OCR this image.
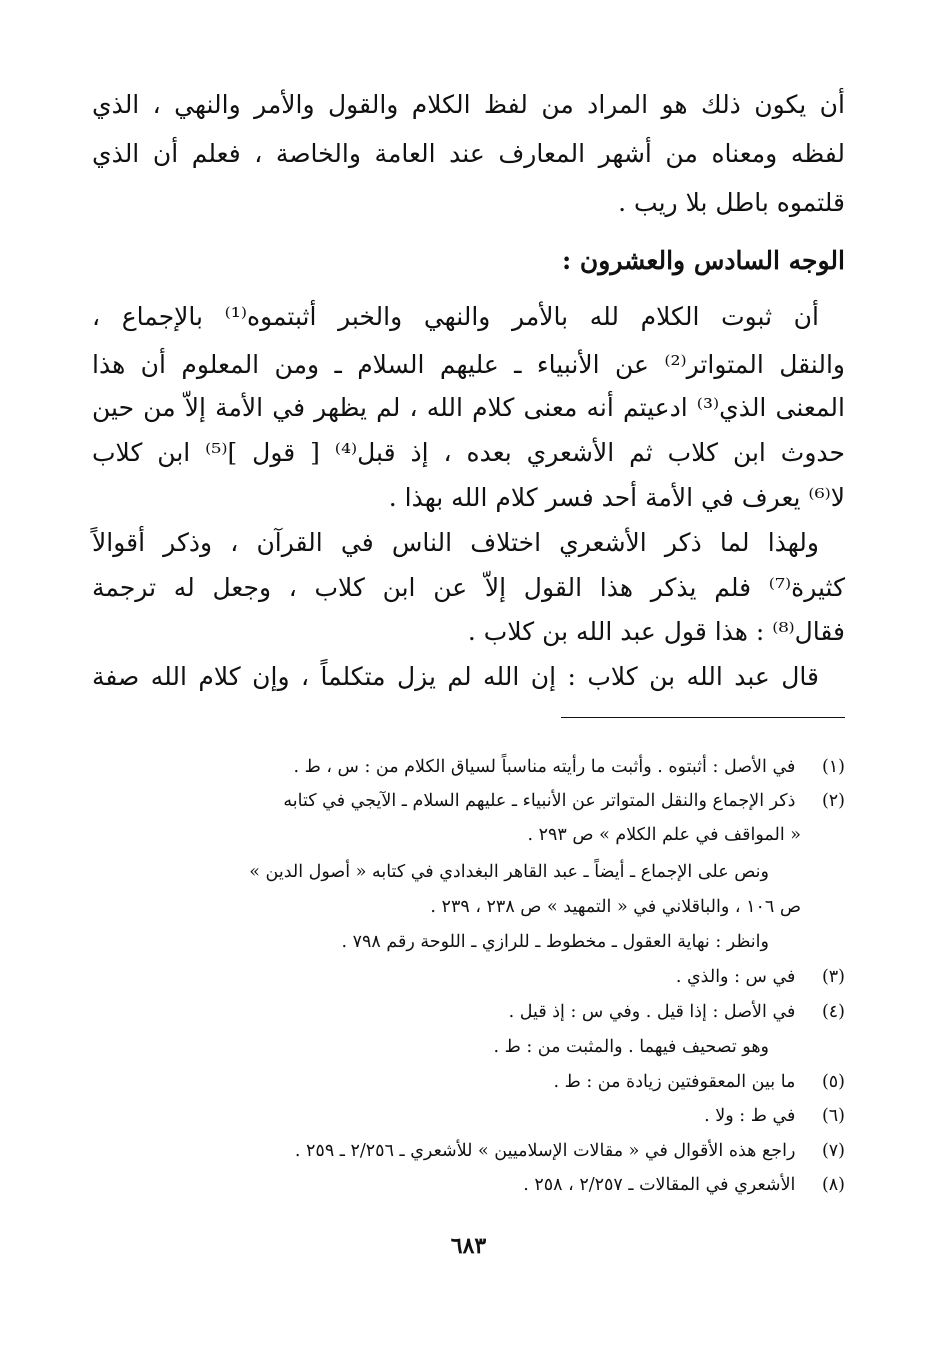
أن يكون ذلك هو المراد من لفظ الكلام والقول والأمر والنهي ، الذي
لفظه ومعناه من أشهر المعارف عند العامة والخاصة ، فعلم أن الذي
قلتموه باطل بلا ريب .
الوجه السادس والعشرون :
أن ثبوت الكلام لله بالأمر والنهي والخبر أثبتموه⁽¹⁾ بالإجماع ،
والنقل المتواتر⁽²⁾ عن الأنبياء ـ عليهم السلام ـ ومن المعلوم أن هذا
المعنى الذي⁽³⁾ ادعيتم أنه معنى كلام الله ، لم يظهر في الأمة إلاّ من حين
حدوث ابن كلاب ثم الأشعري بعده ، إذ قبل⁽⁴⁾ [ قول ]⁽⁵⁾ ابن كلاب
لا⁽⁶⁾ يعرف في الأمة أحد فسر كلام الله بهذا .
ولهذا لما ذكر الأشعري اختلاف الناس في القرآن ، وذكر أقوالاً
كثيرة⁽⁷⁾ فلم يذكر هذا القول إلاّ عن ابن كلاب ، وجعل له ترجمة
فقال⁽⁸⁾ : هذا قول عبد الله بن كلاب .
قال عبد الله بن كلاب : إن الله لم يزل متكلماً ، وإن كلام الله صفة
(١) في الأصل : أثبتوه . وأثبت ما رأيته مناسباً لسياق الكلام من : س ، ط .
(٢) ذكر الإجماع والنقل المتواتر عن الأنبياء ـ عليهم السلام ـ الآيجي في كتابه
« المواقف في علم الكلام » ص ٢٩٣ .
ونص على الإجماع ـ أيضاً ـ عبد القاهر البغدادي في كتابه « أصول الدين »
ص ١٠٦ ، والباقلاني في « التمهيد » ص ٢٣٨ ، ٢٣٩ .
وانظر : نهاية العقول ـ مخطوط ـ للرازي ـ اللوحة رقم ٧٩٨ .
(٣) في س : والذي .
(٤) في الأصل : إذا قيل . وفي س : إذ قيل .
وهو تصحيف فيهما . والمثبت من : ط .
(٥) ما بين المعقوفتين زيادة من : ط .
(٦) في ط : ولا .
(٧) راجع هذه الأقوال في « مقالات الإسلاميين » للأشعري ـ ٢/٢٥٦ ـ ٢٥٩ .
(٨) الأشعري في المقالات ـ ٢/٢٥٧ ، ٢٥٨ .
٦٨٣
